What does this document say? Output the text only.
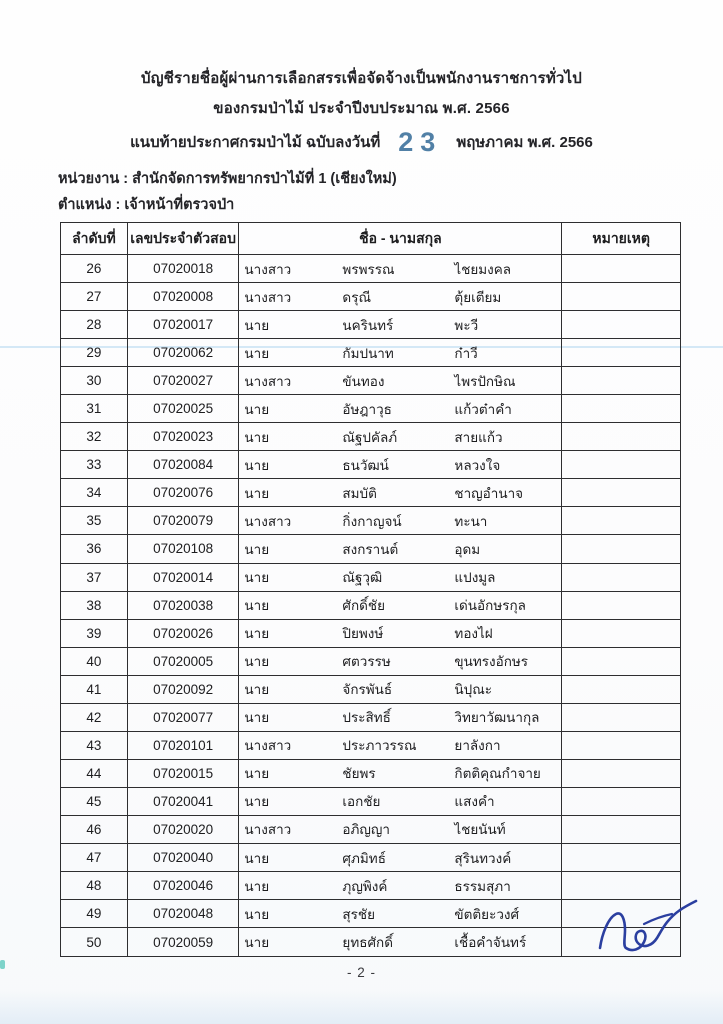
บัญชีรายชื่อผู้ผ่านการเลือกสรรเพื่อจัดจ้างเป็นพนักงานราชการทั่วไป
ของกรมป่าไม้ ประจำปีงบประมาณ พ.ศ. 2566
แนบท้ายประกาศกรมป่าไม้ ฉบับลงวันที่ 23 พฤษภาคม พ.ศ. 2566
หน่วยงาน : สำนักจัดการทรัพยากรป่าไม้ที่ 1 (เชียงใหม่)
ตำแหน่ง : เจ้าหน้าที่ตรวจป่า
ลำดับที่	เลขประจำตัวสอบ	ชื่อ - นามสกุล	หมายเหตุ
26	07020018	นางสาว	พรพรรณ	ไชยมงคล
27	07020008	นางสาว	ดรุณี	ตุ้ยเตียม
28	07020017	นาย	นครินทร์	พะวี
29	07020062	นาย	กัมปนาท	ก๋าวี
30	07020027	นางสาว	ขันทอง	ไพรปักษิณ
31	07020025	นาย	อัษฎาวุธ	แก้วต๋าคำ
32	07020023	นาย	ณัฐปคัลภ์	สายแก้ว
33	07020084	นาย	ธนวัฒน์	หลวงใจ
34	07020076	นาย	สมบัติ	ชาญอำนาจ
35	07020079	นางสาว	กิ่งกาญจน์	ทะนา
36	07020108	นาย	สงกรานต์	อุดม
37	07020014	นาย	ณัฐวุฒิ	แปงมูล
38	07020038	นาย	ศักดิ์ชัย	เด่นอักษรกุล
39	07020026	นาย	ปิยพงษ์	ทองไฝ
40	07020005	นาย	ศตวรรษ	ขุนทรงอักษร
41	07020092	นาย	จักรพันธ์	นิปุณะ
42	07020077	นาย	ประสิทธิ์	วิทยาวัฒนากุล
43	07020101	นางสาว	ประภาวรรณ	ยาลังกา
44	07020015	นาย	ชัยพร	กิตติคุณกำจาย
45	07020041	นาย	เอกชัย	แสงคำ
46	07020020	นางสาว	อภิญญา	ไชยนันท์
47	07020040	นาย	ศุภมิทธ์	สุรินทวงค์
48	07020046	นาย	ภุญพิงค์	ธรรมสุภา
49	07020048	นาย	สุรชัย	ขัตติยะวงศ์
50	07020059	นาย	ยุทธศักดิ์	เชื้อคำจันทร์
- 2 -
